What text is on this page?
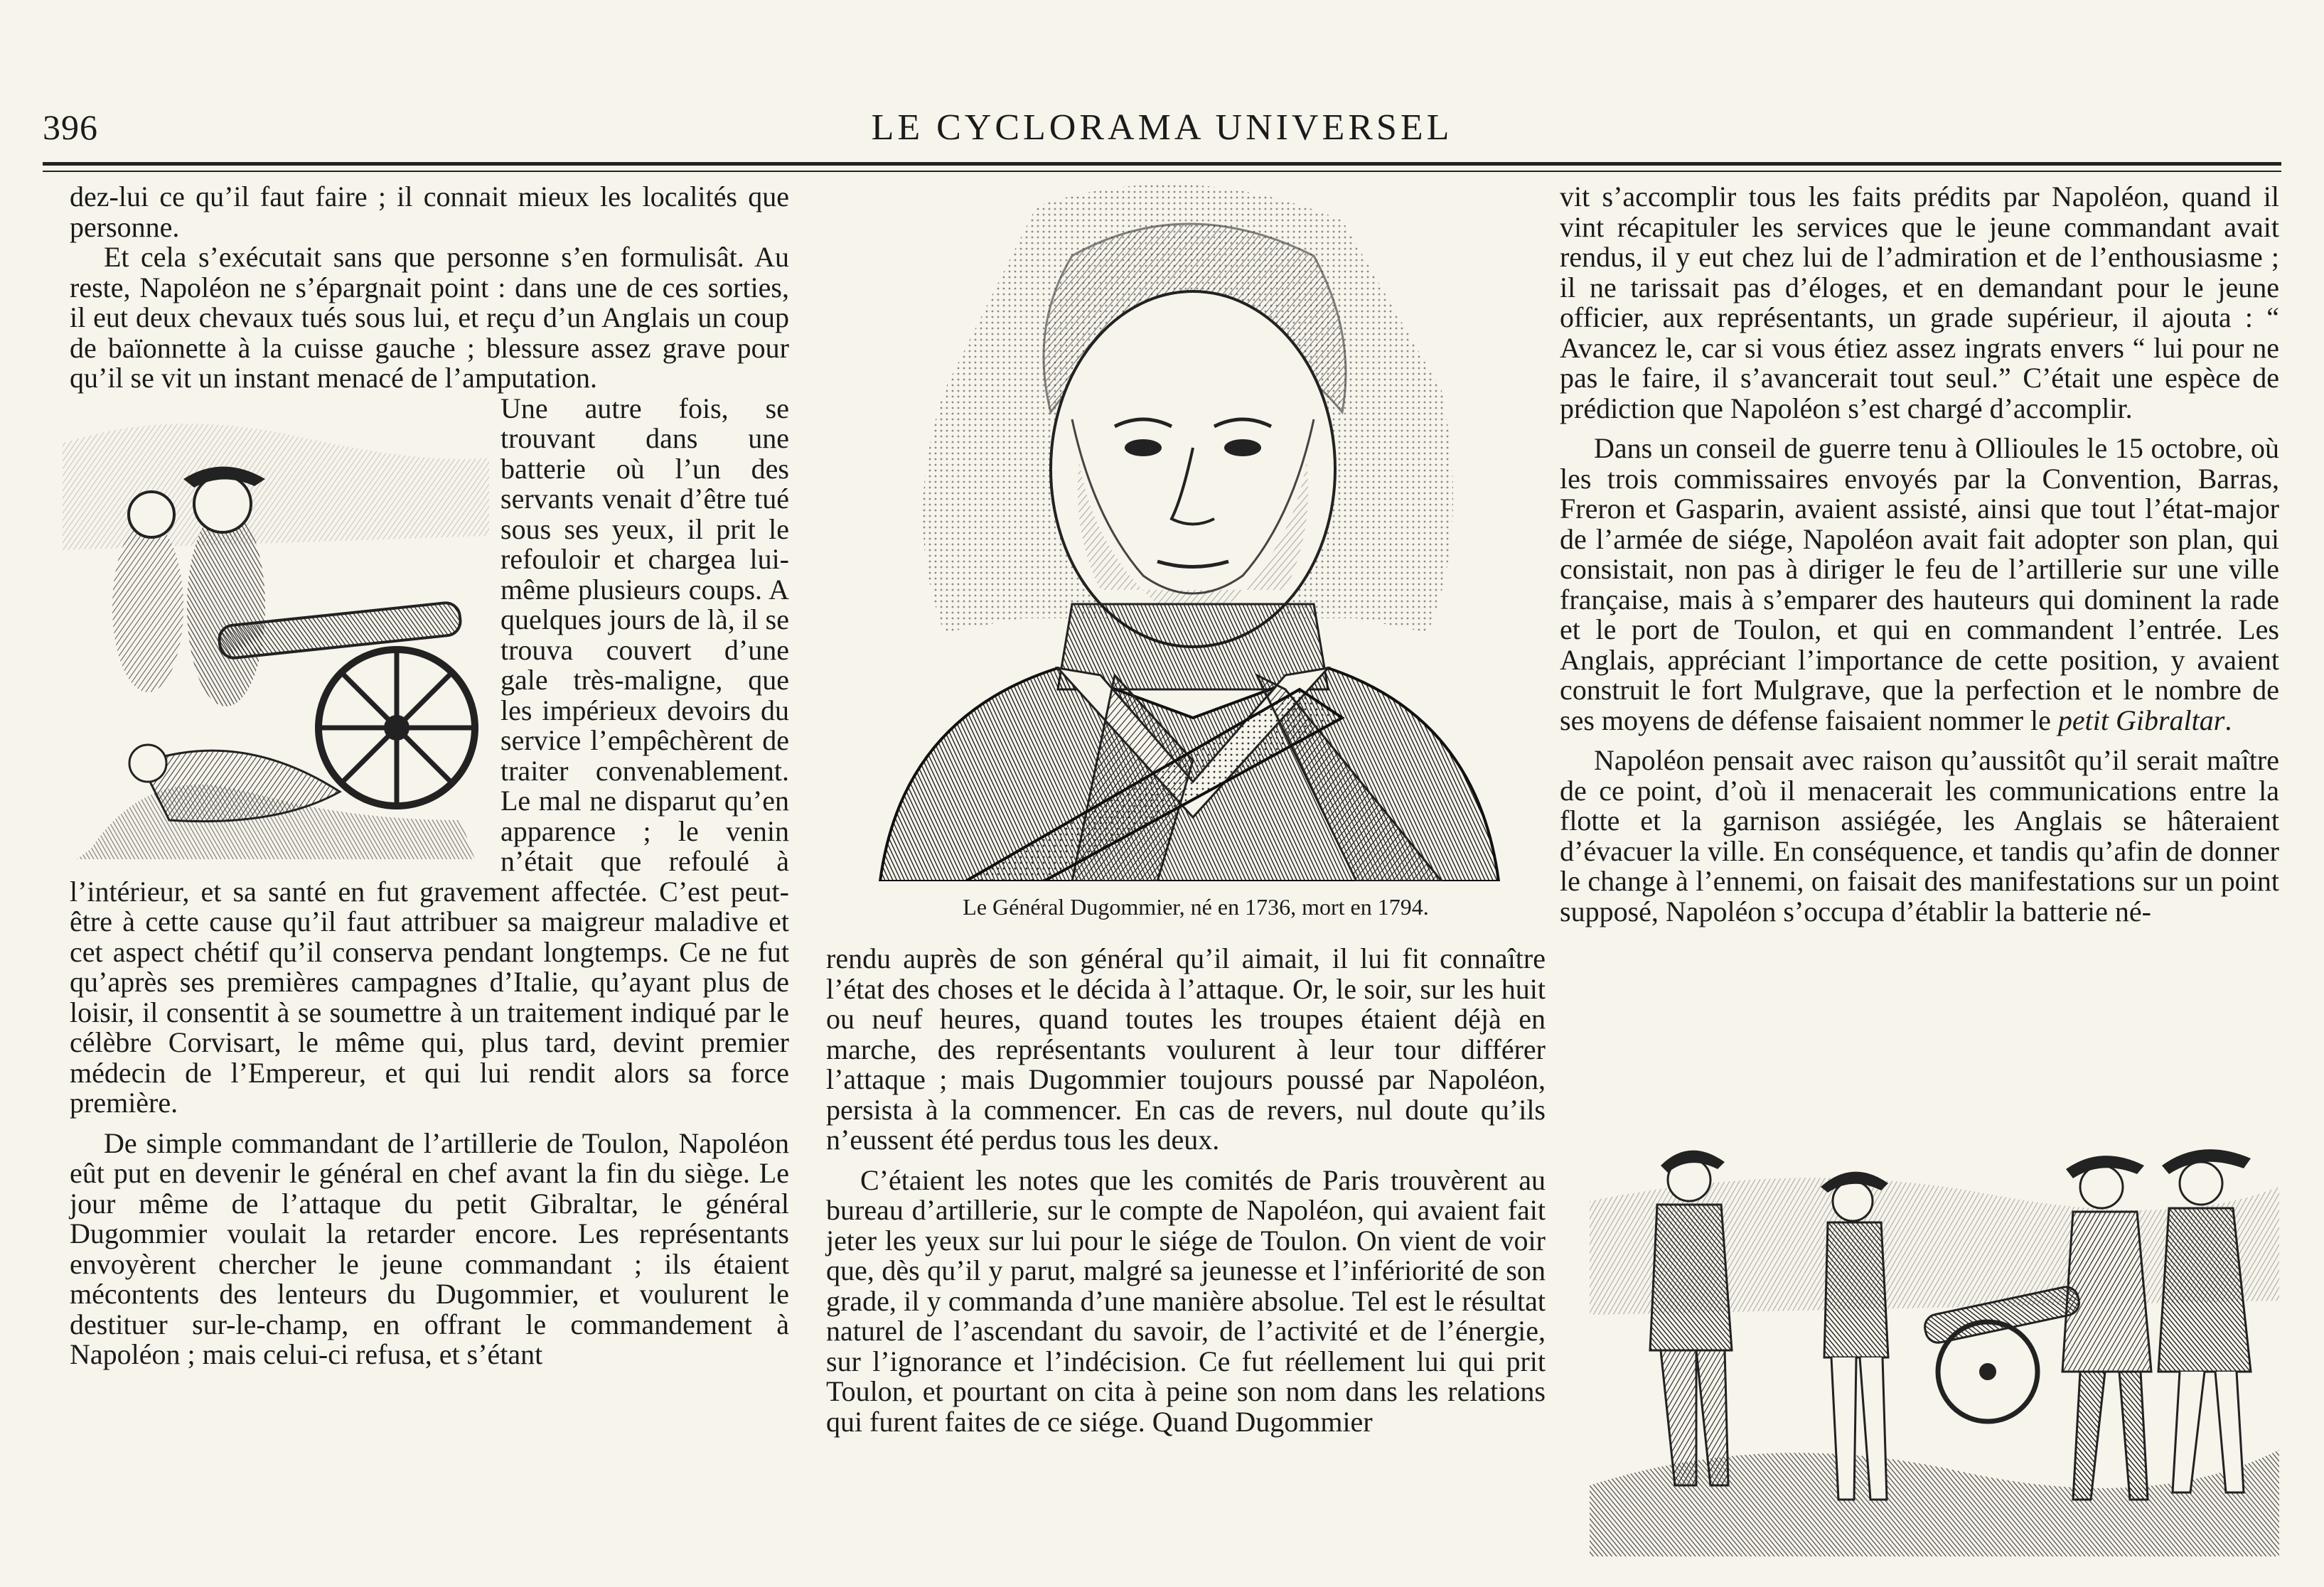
396	LE CYCLORAMA UNIVERSEL

dez-lui ce qu’il faut faire ; il connait mieux les localités que personne.

Et cela s’exécutait sans que personne s’en formulisât. Au reste, Napoléon ne s’épargnait point : dans une de ces sorties, il eut deux chevaux tués sous lui, et reçu d’un Anglais un coup de baïonnette à la cuisse gauche ; blessure assez grave pour qu’il se vit un instant menacé de l’amputation.

Une autre fois, se trouvant dans une batterie où l’un des servants venait d’être tué sous ses yeux, il prit le refouloir et chargea lui-même plusieurs coups. A quelques jours de là, il se trouva couvert d’une gale très-maligne, que les impérieux devoirs du service l’empêchèrent de traiter convenablement. Le mal ne disparut qu’en apparence ; le venin n’était que refoulé à l’intérieur, et sa santé en fut gravement affectée. C’est peut-être à cette cause qu’il faut attribuer sa maigreur maladive et cet aspect chétif qu’il conserva pendant longtemps. Ce ne fut qu’après ses premières campagnes d’Italie, qu’ayant plus de loisir, il consentit à se soumettre à un traitement indiqué par le célèbre Corvisart, le même qui, plus tard, devint premier médecin de l’Empereur, et qui lui rendit alors sa force première.

De simple commandant de l’artillerie de Toulon, Napoléon eût put en devenir le général en chef avant la fin du siège. Le jour même de l’attaque du petit Gibraltar, le général Dugommier voulait la retarder encore. Les représentants envoyèrent chercher le jeune commandant ; ils étaient mécontents des lenteurs du Dugommier, et voulurent le destituer sur-le-champ, en offrant le commandement à Napoléon ; mais celui-ci refusa, et s’étant

Le Général Dugommier, né en 1736, mort en 1794.

rendu auprès de son général qu’il aimait, il lui fit connaître l’état des choses et le décida à l’attaque. Or, le soir, sur les huit ou neuf heures, quand toutes les troupes étaient déjà en marche, des représentants voulurent à leur tour différer l’attaque ; mais Dugommier toujours poussé par Napoléon, persista à la commencer. En cas de revers, nul doute qu’ils n’eussent été perdus tous les deux.

C’étaient les notes que les comités de Paris trouvèrent au bureau d’artillerie, sur le compte de Napoléon, qui avaient fait jeter les yeux sur lui pour le siége de Toulon. On vient de voir que, dès qu’il y parut, malgré sa jeunesse et l’infériorité de son grade, il y commanda d’une manière absolue. Tel est le résultat naturel de l’ascendant du savoir, de l’activité et de l’énergie, sur l’ignorance et l’indécision. Ce fut réellement lui qui prit Toulon, et pourtant on cita à peine son nom dans les relations qui furent faites de ce siége. Quand Dugommier

vit s’accomplir tous les faits prédits par Napoléon, quand il vint récapituler les services que le jeune commandant avait rendus, il y eut chez lui de l’admiration et de l’enthousiasme ; il ne tarissait pas d’éloges, et en demandant pour le jeune officier, aux représentants, un grade supérieur, il ajouta : “ Avancez le, car si vous étiez assez ingrats envers “ lui pour ne pas le faire, il s’avancerait tout seul.” C’était une espèce de prédiction que Napoléon s’est chargé d’accomplir.

Dans un conseil de guerre tenu à Ollioules le 15 octobre, où les trois commissaires envoyés par la Convention, Barras, Freron et Gasparin, avaient assisté, ainsi que tout l’état-major de l’armée de siége, Napoléon avait fait adopter son plan, qui consistait, non pas à diriger le feu de l’artillerie sur une ville française, mais à s’emparer des hauteurs qui dominent la rade et le port de Toulon, et qui en commandent l’entrée. Les Anglais, appréciant l’importance de cette position, y avaient construit le fort Mulgrave, que la perfection et le nombre de ses moyens de défense faisaient nommer le petit Gibraltar.

Napoléon pensait avec raison qu’aussitôt qu’il serait maître de ce point, d’où il menacerait les communications entre la flotte et la garnison assiégée, les Anglais se hâteraient d’évacuer la ville. En conséquence, et tandis qu’afin de donner le change à l’ennemi, on faisait des manifestations sur un point supposé, Napoléon s’occupa d’établir la batterie né-
